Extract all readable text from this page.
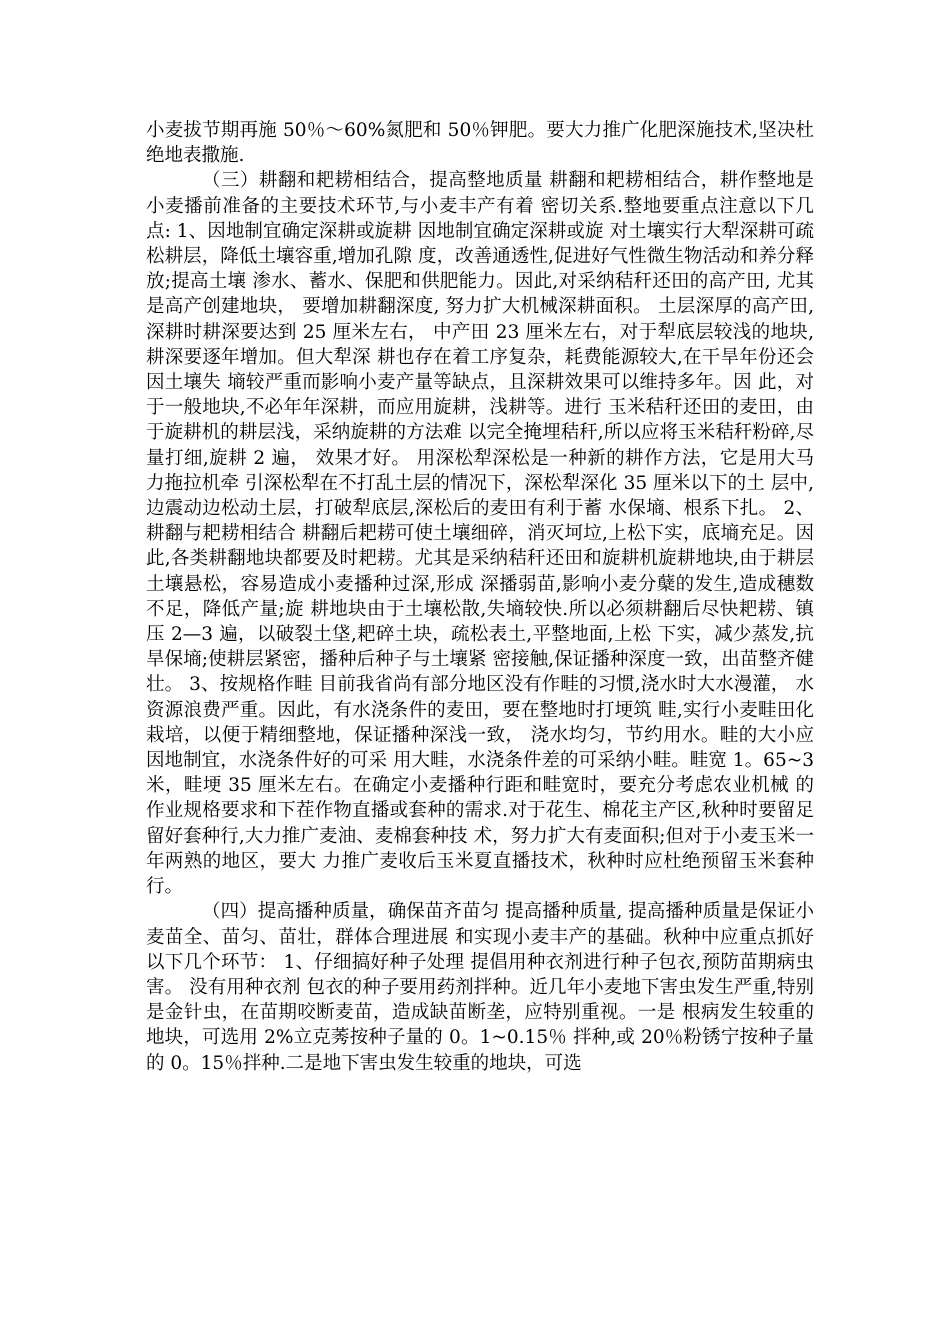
小麦拔节期再施 50％～60%氮肥和 50％钾肥。要大力推广化肥深施技术,坚决杜绝地表撒施.

（三）耕翻和耙耢相结合，提高整地质量 耕翻和耙耢相结合，耕作整地是小麦播前准备的主要技术环节,与小麦丰产有着 密切关系.整地要重点注意以下几点: 1、因地制宜确定深耕或旋耕 因地制宜确定深耕或旋 对土壤实行大犁深耕可疏松耕层，降低土壤容重,增加孔隙 度，改善通透性,促进好气性微生物活动和养分释放;提高土壤 渗水、蓄水、保肥和供肥能力。因此,对采纳秸秆还田的高产田, 尤其是高产创建地块， 要增加耕翻深度, 努力扩大机械深耕面积。 土层深厚的高产田,深耕时耕深要达到 25 厘米左右， 中产田 23 厘米左右，对于犁底层较浅的地块,耕深要逐年增加。但大犁深 耕也存在着工序复杂，耗费能源较大,在干旱年份还会因土壤失 墒较严重而影响小麦产量等缺点，且深耕效果可以维持多年。因 此，对于一般地块,不必年年深耕，而应用旋耕，浅耕等。进行 玉米秸秆还田的麦田，由于旋耕机的耕层浅，采纳旋耕的方法难 以完全掩埋秸秆,所以应将玉米秸秆粉碎,尽量打细,旋耕 2 遍， 效果才好。 用深松犁深松是一种新的耕作方法，它是用大马力拖拉机牵 引深松犁在不打乱土层的情况下，深松犁深化 35 厘米以下的土 层中,边震动边松动土层，打破犁底层,深松后的麦田有利于蓄 水保墒、根系下扎。 2、耕翻与耙耢相结合 耕翻后耙耢可使土壤细碎，消灭坷垃,上松下实，底墒充足。因此,各类耕翻地块都要及时耙耢。尤其是采纳秸秆还田和旋耕机旋耕地块,由于耕层土壤悬松，容易造成小麦播种过深,形成 深播弱苗,影响小麦分蘖的发生,造成穗数不足，降低产量;旋 耕地块由于土壤松散,失墒较快.所以必须耕翻后尽快耙耢、镇 压 2—3 遍，以破裂土垡,耙碎土块，疏松表土,平整地面,上松 下实，减少蒸发,抗旱保墒;使耕层紧密，播种后种子与土壤紧 密接触,保证播种深度一致，出苗整齐健壮。 3、按规格作畦 目前我省尚有部分地区没有作畦的习惯,浇水时大水漫灌， 水资源浪费严重。因此，有水浇条件的麦田，要在整地时打埂筑 畦,实行小麦畦田化栽培，以便于精细整地，保证播种深浅一致， 浇水均匀，节约用水。畦的大小应因地制宜，水浇条件好的可采 用大畦，水浇条件差的可采纳小畦。畦宽 1。65~3 米，畦埂 35 厘米左右。在确定小麦播种行距和畦宽时，要充分考虑农业机械 的作业规格要求和下茬作物直播或套种的需求.对于花生、棉花主产区,秋种时要留足留好套种行,大力推广麦油、麦棉套种技 术，努力扩大有麦面积;但对于小麦玉米一年两熟的地区，要大 力推广麦收后玉米夏直播技术，秋种时应杜绝预留玉米套种行。

（四）提高播种质量，确保苗齐苗匀 提高播种质量, 提高播种质量是保证小麦苗全、苗匀、苗壮，群体合理进展 和实现小麦丰产的基础。秋种中应重点抓好以下几个环节： 1、仔细搞好种子处理 提倡用种衣剂进行种子包衣,预防苗期病虫害。 没有用种衣剂 包衣的种子要用药剂拌种。近几年小麦地下害虫发生严重,特别 是金针虫，在苗期咬断麦苗，造成缺苗断垄，应特别重视。一是 根病发生较重的地块，可选用 2%立克莠按种子量的 0。1~0.15％ 拌种,或 20％粉锈宁按种子量的 0。15％拌种.二是地下害虫发生较重的地块，可选
